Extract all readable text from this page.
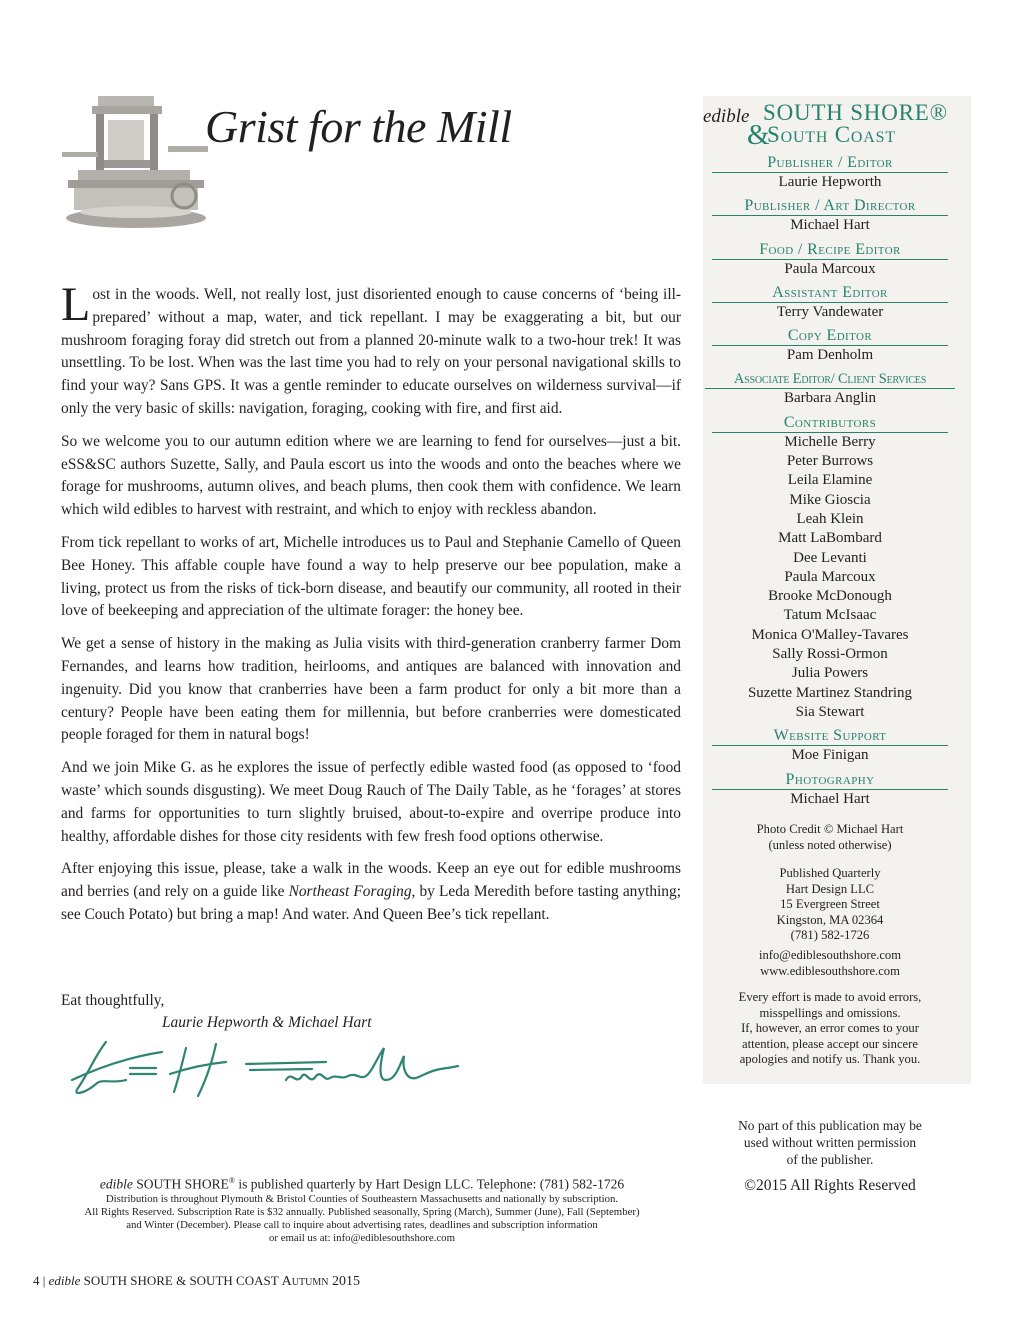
Grist for the Mill

Lost in the woods. Well, not really lost, just disoriented enough to cause concerns of ‘being ill-prepared’ without a map, water, and tick repellant. I may be exaggerating a bit, but our mushroom foraging foray did stretch out from a planned 20-minute walk to a two-hour trek! It was unsettling. To be lost. When was the last time you had to rely on your personal navigational skills to find your way? Sans GPS. It was a gentle reminder to educate ourselves on wilderness survival—if only the very basic of skills: navigation, foraging, cooking with fire, and first aid.

So we welcome you to our autumn edition where we are learning to fend for ourselves—just a bit. eSS&SC authors Suzette, Sally, and Paula escort us into the woods and onto the beaches where we forage for mushrooms, autumn olives, and beach plums, then cook them with confidence. We learn which wild edibles to harvest with restraint, and which to enjoy with reckless abandon.

From tick repellant to works of art, Michelle introduces us to Paul and Stephanie Camello of Queen Bee Honey. This affable couple have found a way to help preserve our bee population, make a living, protect us from the risks of tick-born disease, and beautify our community, all rooted in their love of beekeeping and appreciation of the ultimate forager: the honey bee.

We get a sense of history in the making as Julia visits with third-generation cranberry farmer Dom Fernandes, and learns how tradition, heirlooms, and antiques are balanced with innovation and ingenuity. Did you know that cranberries have been a farm product for only a bit more than a century? People have been eating them for millennia, but before cranberries were domesticated people foraged for them in natural bogs!

And we join Mike G. as he explores the issue of perfectly edible wasted food (as opposed to ‘food waste’ which sounds disgusting). We meet Doug Rauch of The Daily Table, as he ‘forages’ at stores and farms for opportunities to turn slightly bruised, about-to-expire and overripe produce into healthy, affordable dishes for those city residents with few fresh food options otherwise.

After enjoying this issue, please, take a walk in the woods. Keep an eye out for edible mushrooms and berries (and rely on a guide like Northeast Foraging, by Leda Meredith before tasting anything; see Couch Potato) but bring a map! And water. And Queen Bee’s tick repellant.

Eat thoughtfully,
Laurie Hepworth & Michael Hart
edible SOUTH SHORE® is published quarterly by Hart Design LLC. Telephone: (781) 582-1726
Distribution is throughout Plymouth & Bristol Counties of Southeastern Massachusetts and nationally by subscription.
All Rights Reserved. Subscription Rate is $32 annually. Published seasonally, Spring (March), Summer (June), Fall (September)
and Winter (December). Please call to inquire about advertising rates, deadlines and subscription information
or email us at: info@ediblesouthshore.com
4 | edible SOUTH SHORE & SOUTH COAST Autumn 2015
edible SOUTH SHORE®
&
South Coast
Publisher / Editor
Laurie Hepworth
Publisher / Art Director
Michael Hart
Food / Recipe Editor
Paula Marcoux
Assistant Editor
Terry Vandewater
Copy Editor
Pam Denholm
Associate Editor/ Client Services
Barbara Anglin
Contributors
Michelle Berry
Peter Burrows
Leila Elamine
Mike Gioscia
Leah Klein
Matt LaBombard
Dee Levanti
Paula Marcoux
Brooke McDonough
Tatum McIsaac
Monica O'Malley-Tavares
Sally Rossi-Ormon
Julia Powers
Suzette Martinez Standring
Sia Stewart
Website Support
Moe Finigan
Photography
Michael Hart
Photo Credit © Michael Hart
(unless noted otherwise)
Published Quarterly
Hart Design LLC
15 Evergreen Street
Kingston, MA 02364
(781) 582-1726
info@ediblesouthshore.com
www.ediblesouthshore.com
Every effort is made to avoid errors,
misspellings and omissions.
If, however, an error comes to your
attention, please accept our sincere
apologies and notify us. Thank you.
No part of this publication may be
used without written permission
of the publisher.
©2015 All Rights Reserved
